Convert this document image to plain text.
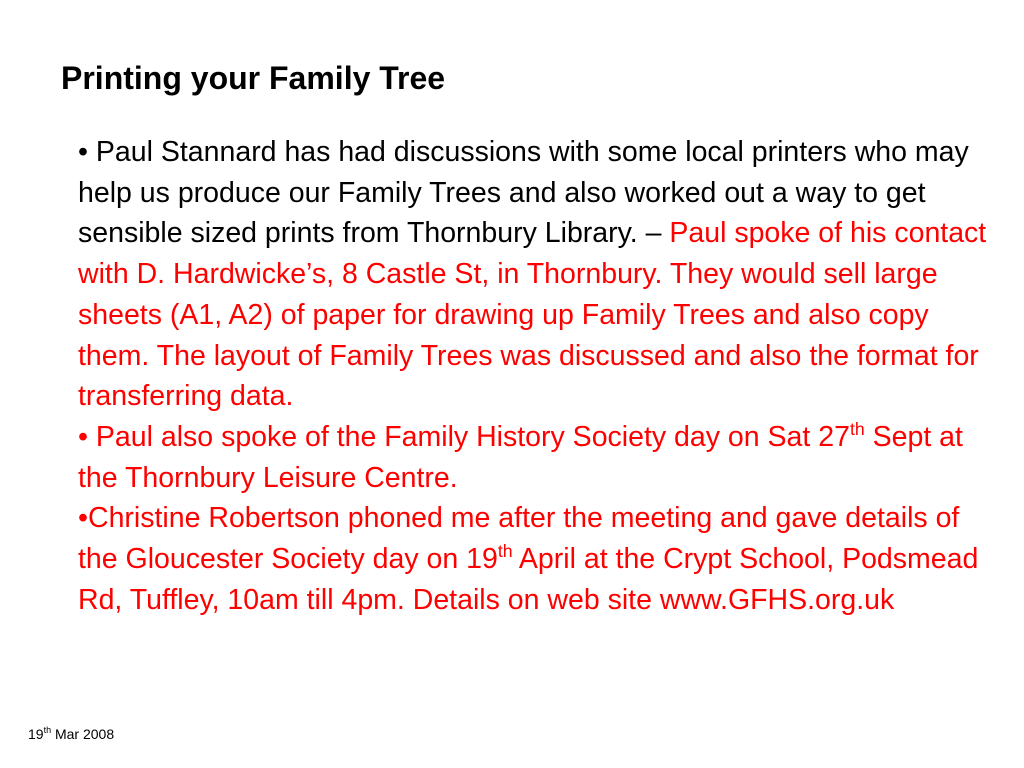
Printing your Family Tree

• Paul Stannard has had discussions with some local printers who may help us produce our Family Trees and also worked out a way to get sensible sized prints from Thornbury Library. – Paul spoke of his contact with D. Hardwicke’s, 8 Castle St, in Thornbury. They would sell large sheets (A1, A2) of paper for drawing up Family Trees and also copy them. The layout of Family Trees was discussed and also the format for transferring data.

• Paul also spoke of the Family History Society day on Sat 27th Sept at the Thornbury Leisure Centre.

•Christine Robertson phoned me after the meeting and gave details of the Gloucester Society day on 19th April at the Crypt School, Podsmead Rd, Tuffley, 10am till 4pm. Details on web site www.GFHS.org.uk

19th Mar 2008
